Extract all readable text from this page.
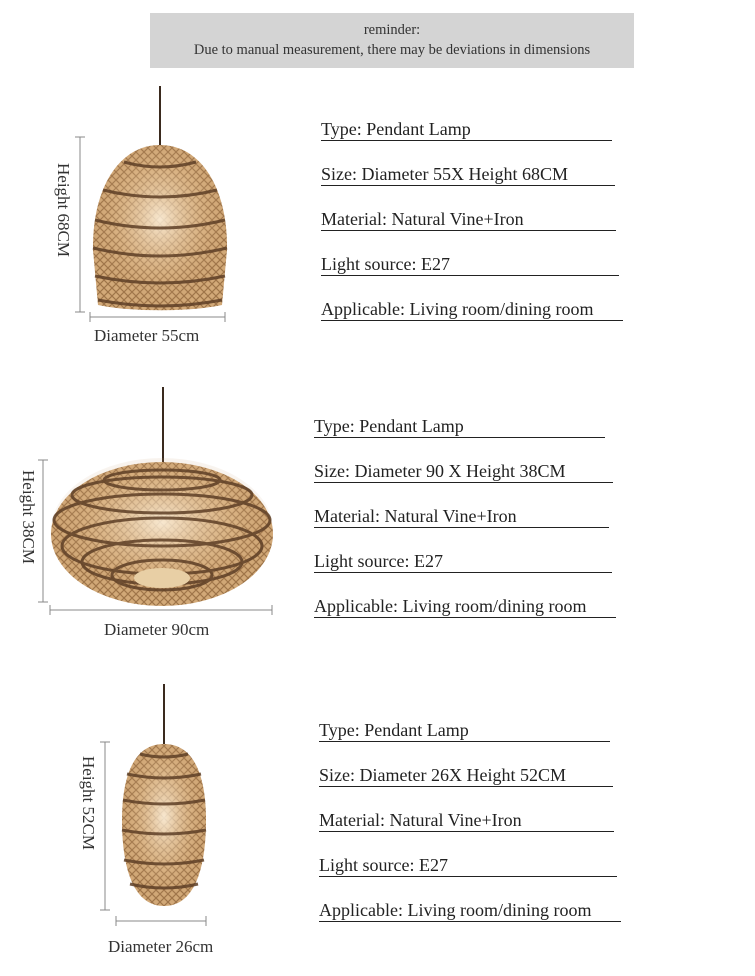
reminder:
Due to manual measurement, there may be deviations in dimensions
Height 68CM
Diameter 55cm
Type: Pendant Lamp
Size: Diameter 55X Height 68CM
Material: Natural Vine+Iron
Light source: E27
Applicable: Living room/dining room
Height 38CM
Diameter 90cm
Type: Pendant Lamp
Size: Diameter 90 X Height 38CM
Material: Natural Vine+Iron
Light source: E27
Applicable: Living room/dining room
Height 52CM
Diameter 26cm
Type: Pendant Lamp
Size: Diameter 26X Height 52CM
Material: Natural Vine+Iron
Light source: E27
Applicable: Living room/dining room
